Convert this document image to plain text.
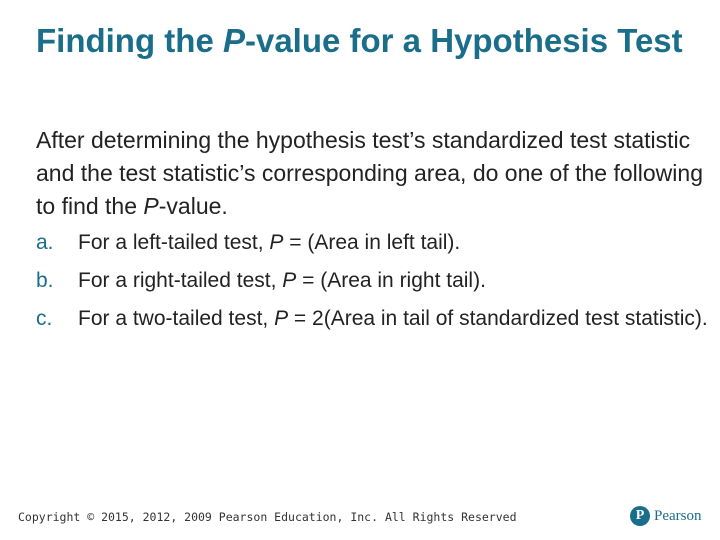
Finding the P-value for a Hypothesis Test

After determining the hypothesis test’s standardized test statistic and the test statistic’s corresponding area, do one of the following to find the P-value.

a.	For a left-tailed test, P = (Area in left tail).
b.	For a right-tailed test, P = (Area in right tail).
c.	For a two-tailed test, P = 2(Area in tail of standardized test statistic).
Copyright © 2015, 2012, 2009 Pearson Education, Inc. All Rights Reserved	P Pearson
